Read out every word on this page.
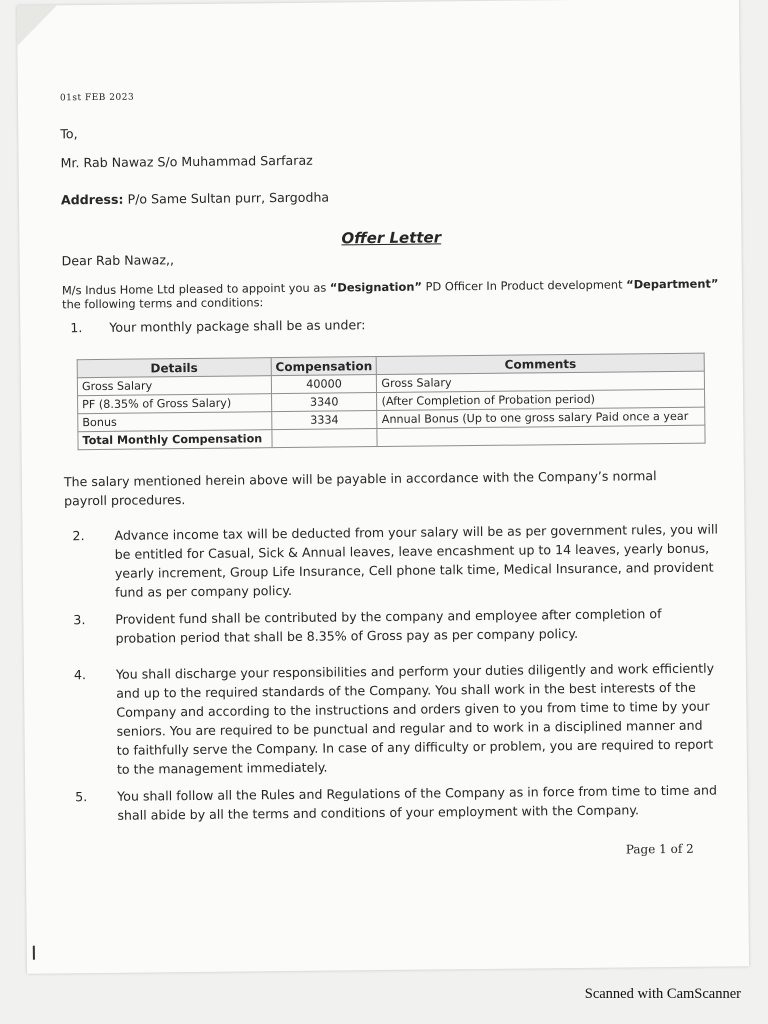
01st FEB 2023
To,
Mr. Rab Nawaz S/o Muhammad Sarfaraz
Address: P/o Same Sultan purr, Sargodha
Offer Letter
Dear Rab Nawaz,,
M/s Indus Home Ltd pleased to appoint you as “Designation” PD Officer In Product development “Department”
the following terms and conditions:
1. Your monthly package shall be as under:
Details	Compensation	Comments
Gross Salary	40000	Gross Salary
PF (8.35% of Gross Salary)	3340	(After Completion of Probation period)
Bonus	3334	Annual Bonus (Up to one gross salary Paid once a year
Total Monthly Compensation		
The salary mentioned herein above will be payable in accordance with the Company’s normal
payroll procedures.
2. Advance income tax will be deducted from your salary will be as per government rules, you will
be entitled for Casual, Sick & Annual leaves, leave encashment up to 14 leaves, yearly bonus,
yearly increment, Group Life Insurance, Cell phone talk time, Medical Insurance, and provident
fund as per company policy.
3. Provident fund shall be contributed by the company and employee after completion of
probation period that shall be 8.35% of Gross pay as per company policy.
4. You shall discharge your responsibilities and perform your duties diligently and work efficiently
and up to the required standards of the Company. You shall work in the best interests of the
Company and according to the instructions and orders given to you from time to time by your
seniors. You are required to be punctual and regular and to work in a disciplined manner and
to faithfully serve the Company. In case of any difficulty or problem, you are required to report
to the management immediately.
5. You shall follow all the Rules and Regulations of the Company as in force from time to time and
shall abide by all the terms and conditions of your employment with the Company.
Page 1 of 2
Scanned with CamScanner
